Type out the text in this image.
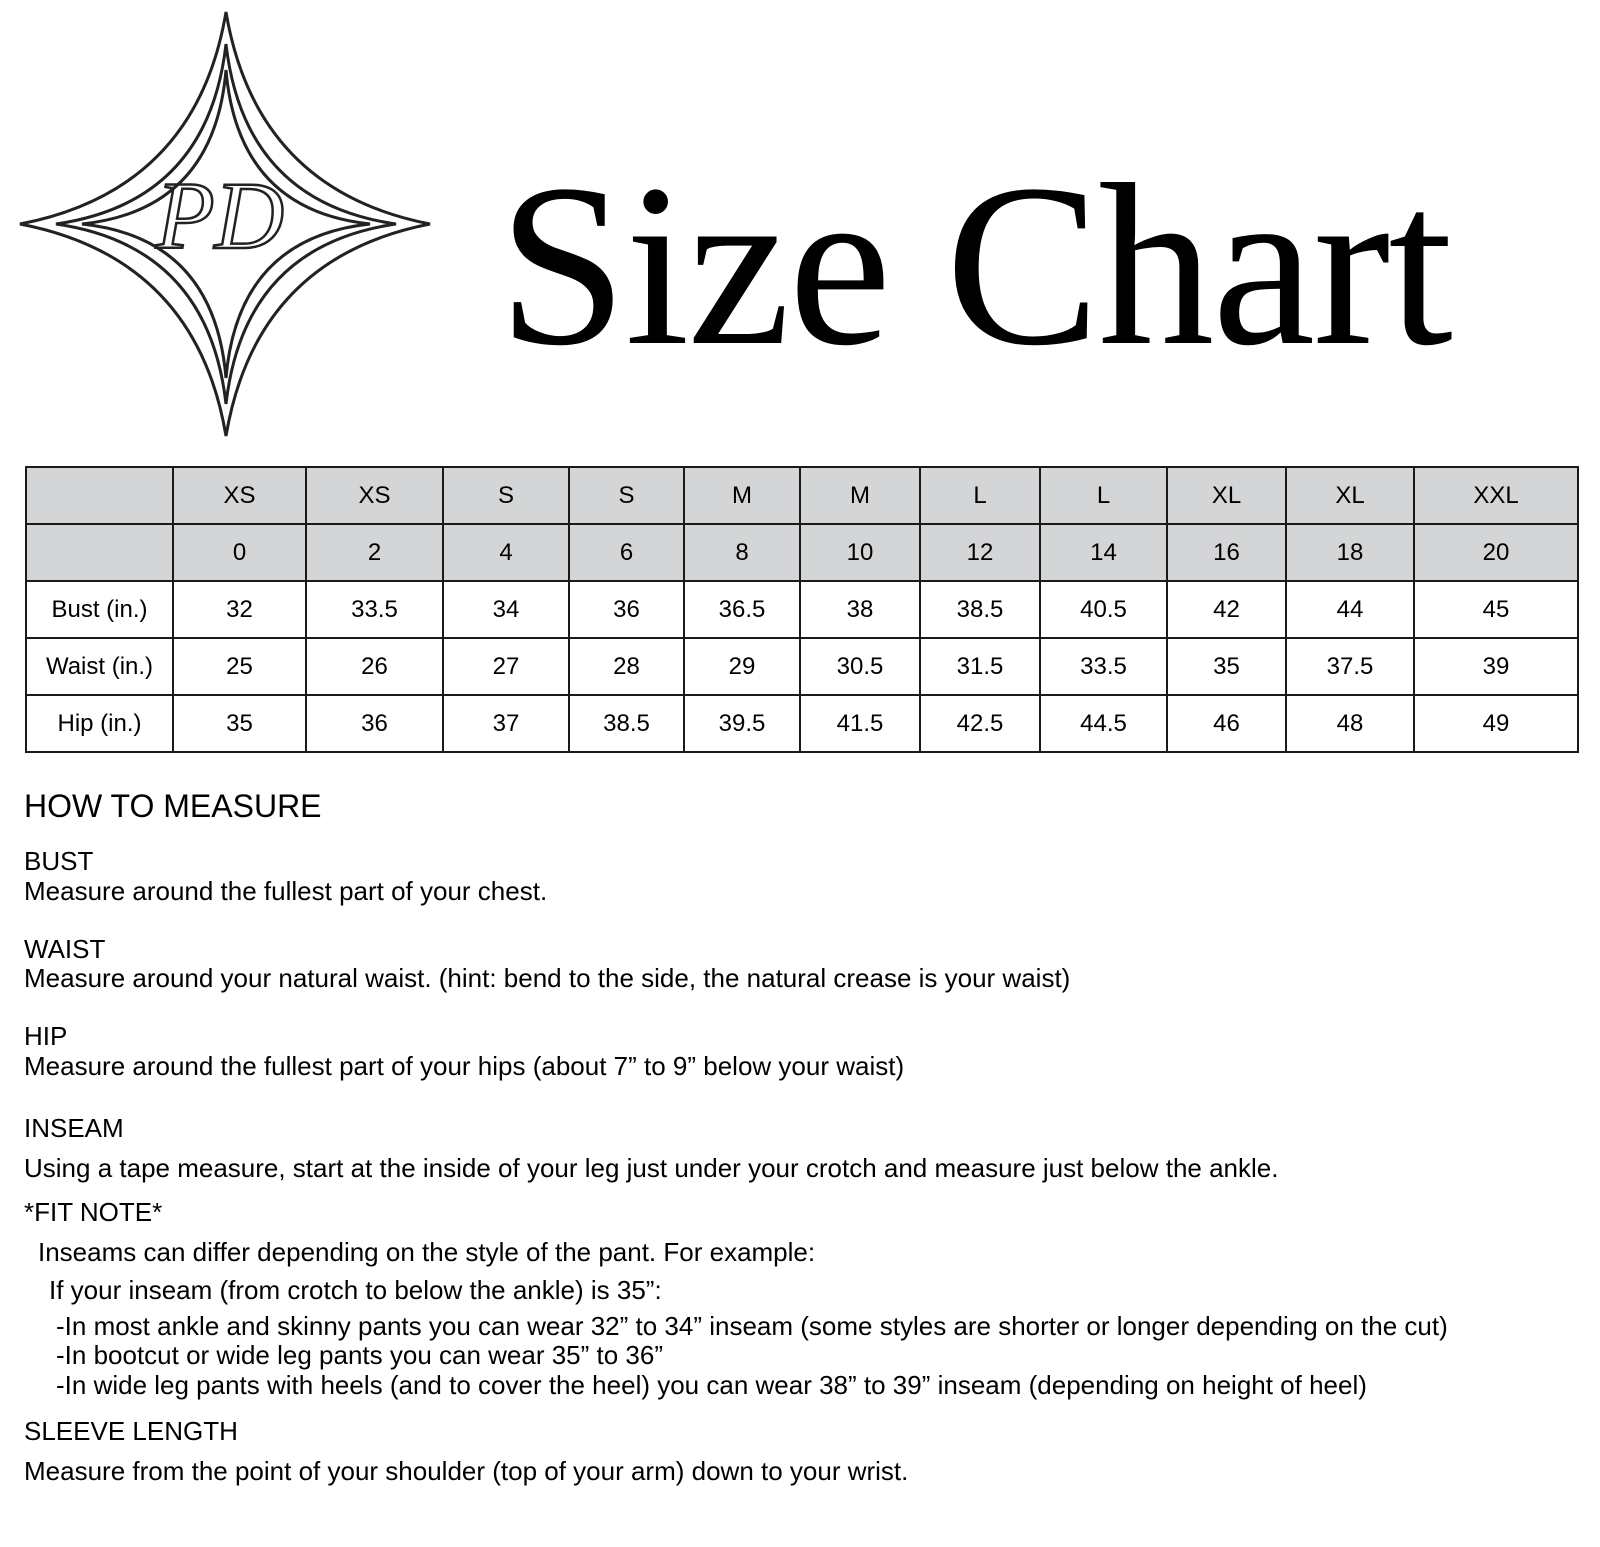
PD Size Chart
	XS	XS	S	S	M	M	L	L	XL	XL	XXL
	0	2	4	6	8	10	12	14	16	18	20
Bust (in.)	32	33.5	34	36	36.5	38	38.5	40.5	42	44	45
Waist (in.)	25	26	27	28	29	30.5	31.5	33.5	35	37.5	39
Hip (in.)	35	36	37	38.5	39.5	41.5	42.5	44.5	46	48	49

HOW TO MEASURE

BUST

Measure around the fullest part of your chest.

WAIST

Measure around your natural waist. (hint: bend to the side, the natural crease is your waist)

HIP

Measure around the fullest part of your hips (about 7” to 9” below your waist)

INSEAM

Using a tape measure, start at the inside of your leg just under your crotch and measure just below the ankle.

*FIT NOTE*

Inseams can differ depending on the style of the pant. For example:

If your inseam (from crotch to below the ankle) is 35”:

-In most ankle and skinny pants you can wear 32” to 34” inseam (some styles are shorter or longer depending on the cut)

-In bootcut or wide leg pants you can wear 35” to 36”

-In wide leg pants with heels (and to cover the heel) you can wear 38” to 39” inseam (depending on height of heel)

SLEEVE LENGTH

Measure from the point of your shoulder (top of your arm) down to your wrist.
